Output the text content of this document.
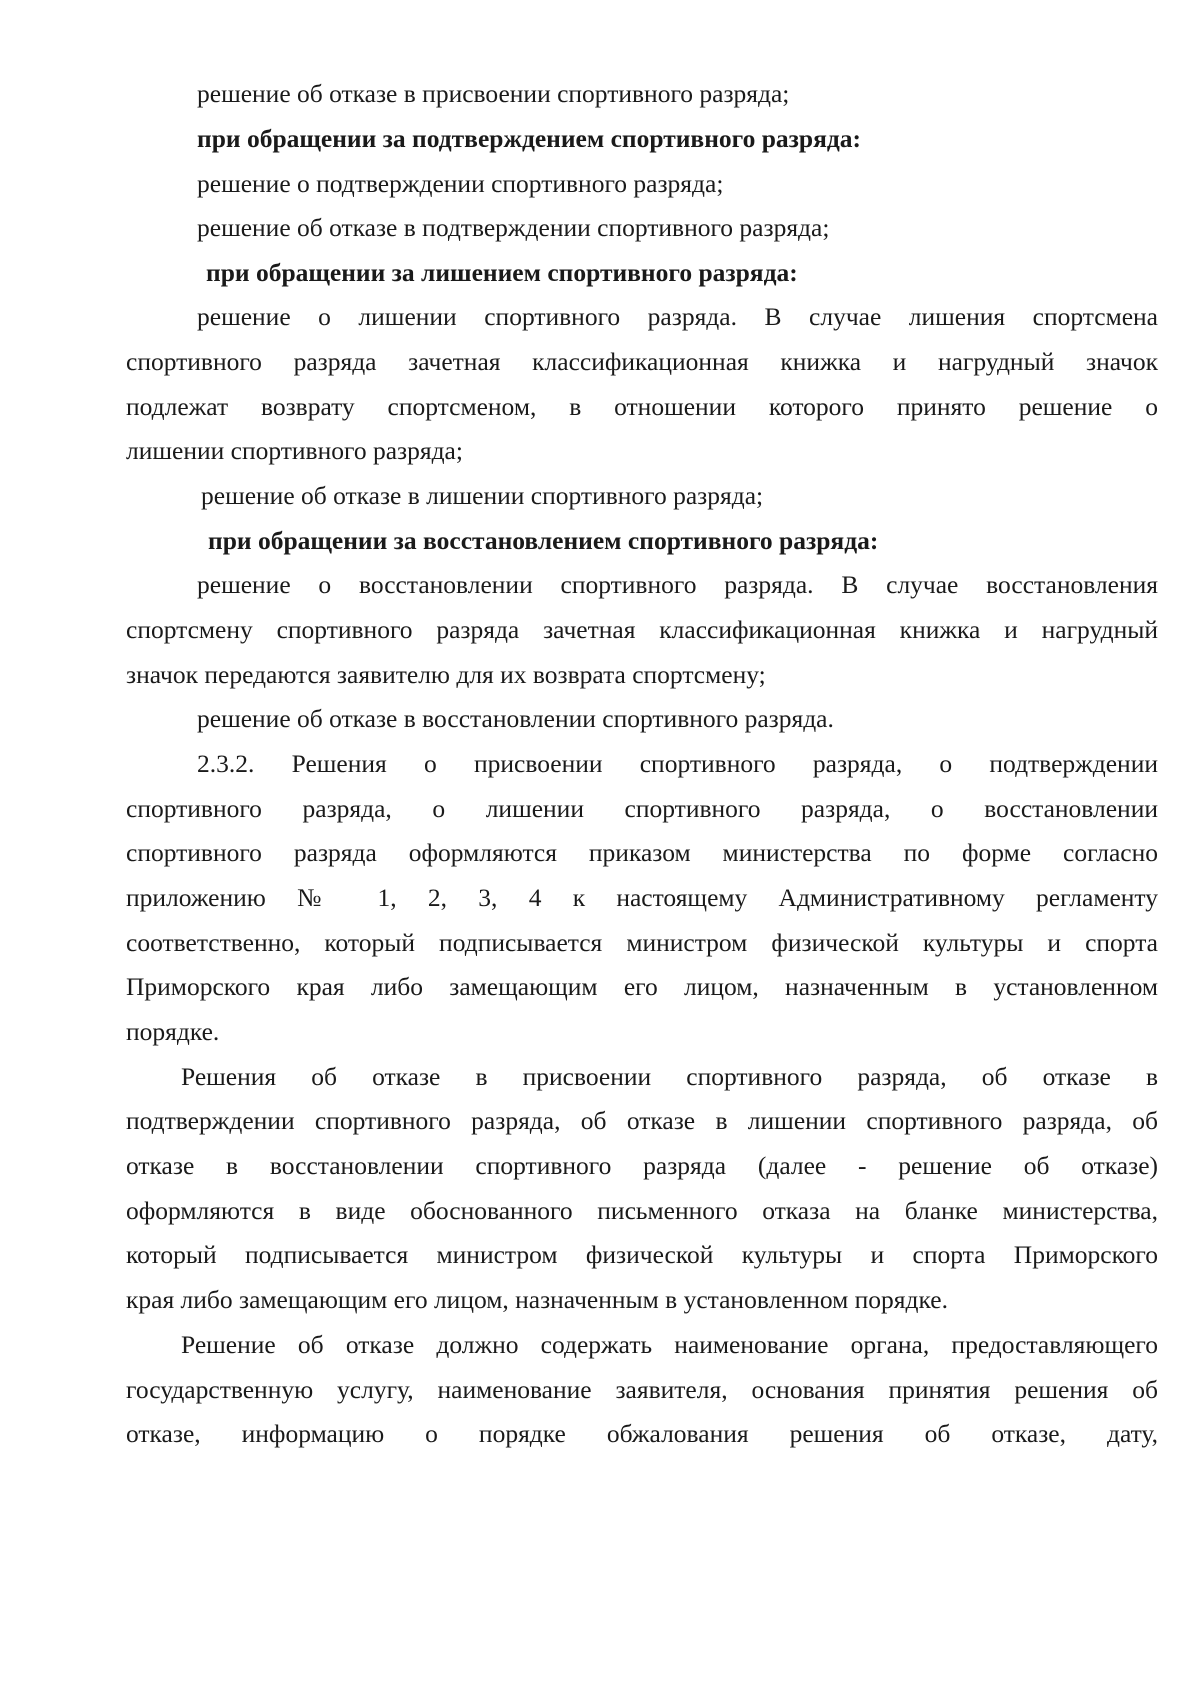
решение об отказе в присвоении спортивного разряда;
при обращении за подтверждением спортивного разряда:
решение о подтверждении спортивного разряда;
решение об отказе в подтверждении спортивного разряда;
при обращении за лишением спортивного разряда:
решение о лишении спортивного разряда. В случае лишения спортсмена
спортивного разряда зачетная классификационная книжка и нагрудный значок
подлежат возврату спортсменом, в отношении которого принято решение о
лишении спортивного разряда;
решение об отказе в лишении спортивного разряда;
при обращении за восстановлением спортивного разряда:
решение о восстановлении спортивного разряда. В случае восстановления
спортсмену спортивного разряда зачетная классификационная книжка и нагрудный
значок передаются заявителю для их возврата спортсмену;
решение об отказе в восстановлении спортивного разряда.
2.3.2. Решения о присвоении спортивного разряда, о подтверждении
спортивного разряда, о лишении спортивного разряда, о восстановлении
спортивного разряда оформляются приказом министерства по форме согласно
приложению № 1, 2, 3, 4 к настоящему Административному регламенту
соответственно, который подписывается министром физической культуры и спорта
Приморского края либо замещающим его лицом, назначенным в установленном
порядке.
Решения об отказе в присвоении спортивного разряда, об отказе в
подтверждении спортивного разряда, об отказе в лишении спортивного разряда, об
отказе в восстановлении спортивного разряда (далее - решение об отказе)
оформляются в виде обоснованного письменного отказа на бланке министерства,
который подписывается министром физической культуры и спорта Приморского
края либо замещающим его лицом, назначенным в установленном порядке.
Решение об отказе должно содержать наименование органа, предоставляющего
государственную услугу, наименование заявителя, основания принятия решения об
отказе, информацию о порядке обжалования решения об отказе, дату,
